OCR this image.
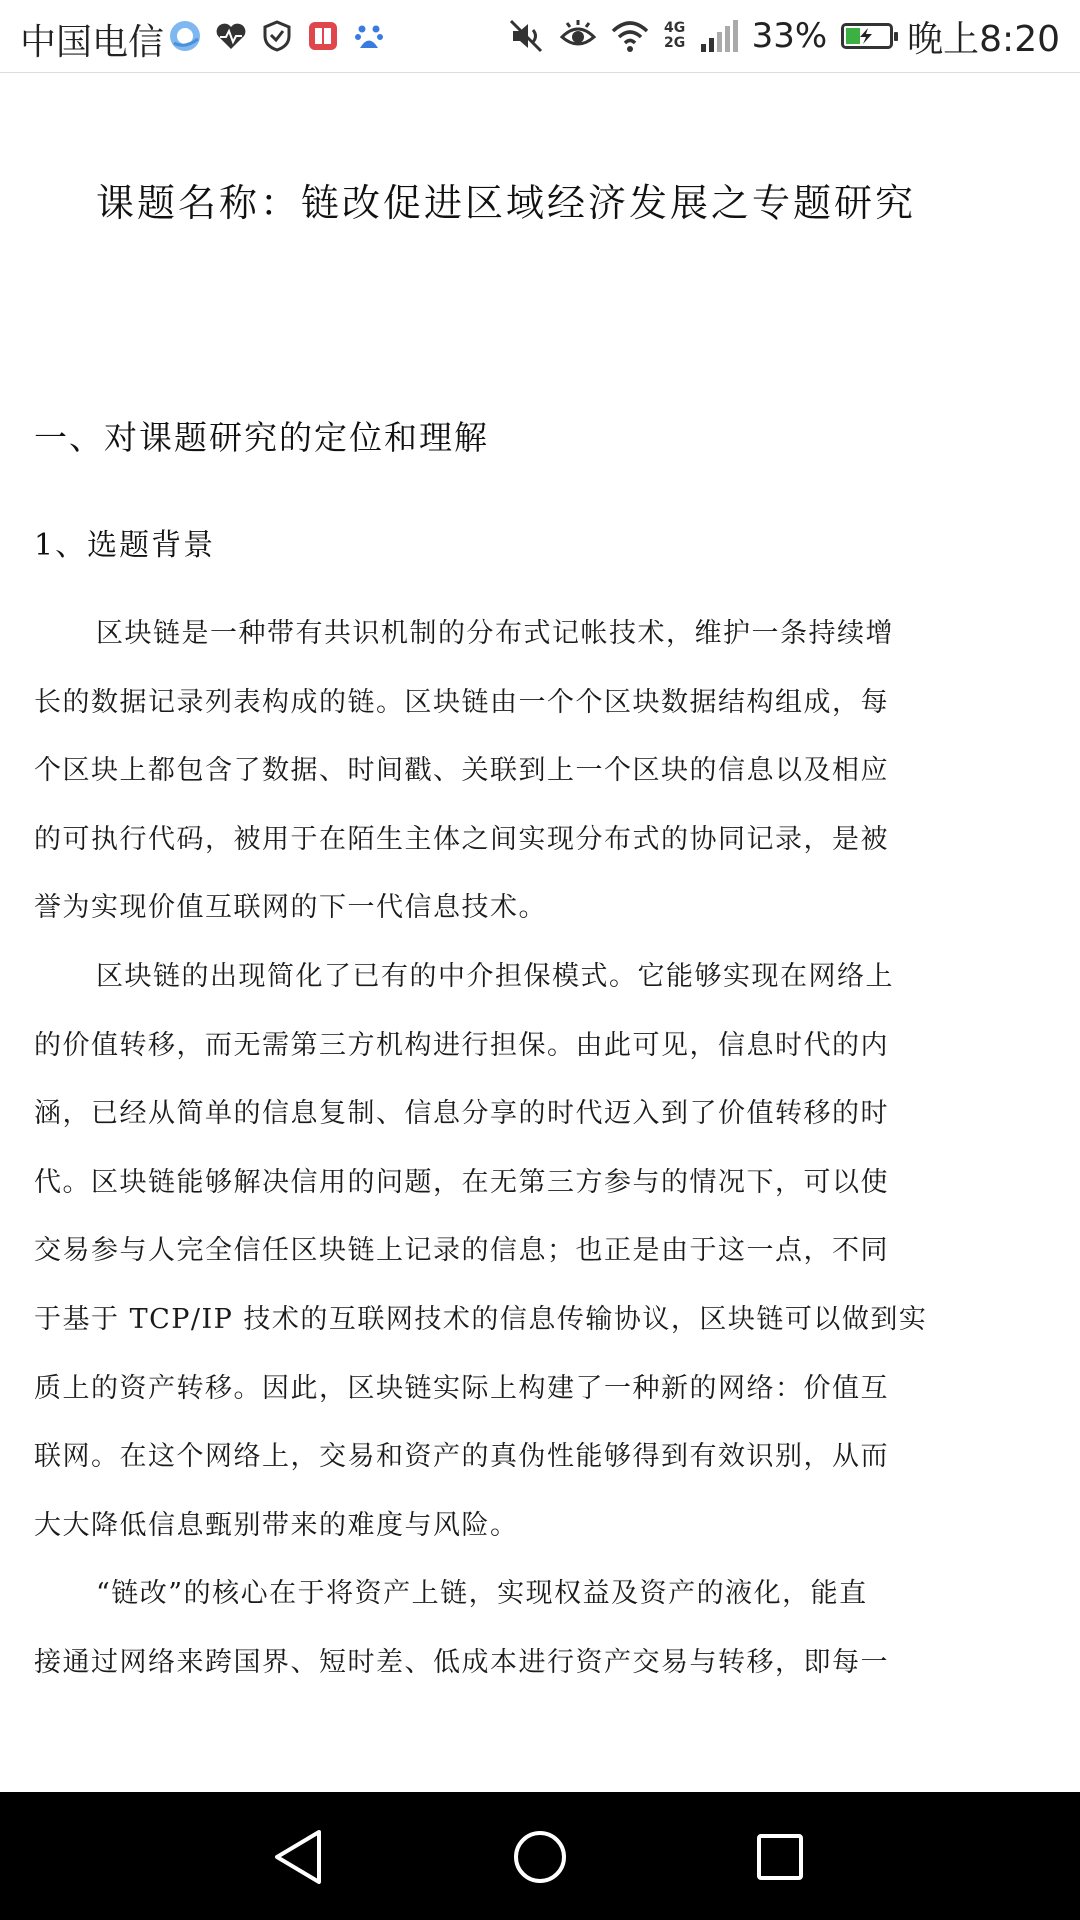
中国电信	4G
2G 33% 晚上8:20
课题名称：链改促进区域经济发展之专题研究
一、对课题研究的定位和理解
1、选题背景
区块链是一种带有共识机制的分布式记帐技术，维护一条持续增
长的数据记录列表构成的链。区块链由一个个区块数据结构组成，每
个区块上都包含了数据、时间戳、关联到上一个区块的信息以及相应
的可执行代码，被用于在陌生主体之间实现分布式的协同记录，是被
誉为实现价值互联网的下一代信息技术。
区块链的出现简化了已有的中介担保模式。它能够实现在网络上
的价值转移，而无需第三方机构进行担保。由此可见，信息时代的内
涵，已经从简单的信息复制、信息分享的时代迈入到了价值转移的时
代。区块链能够解决信用的问题，在无第三方参与的情况下，可以使
交易参与人完全信任区块链上记录的信息；也正是由于这一点，不同
于基于 TCP/IP 技术的互联网技术的信息传输协议，区块链可以做到实
质上的资产转移。因此，区块链实际上构建了一种新的网络：价值互
联网。在这个网络上，交易和资产的真伪性能够得到有效识别，从而
大大降低信息甄别带来的难度与风险。
“链改”的核心在于将资产上链，实现权益及资产的液化，能直
接通过网络来跨国界、短时差、低成本进行资产交易与转移，即每一
